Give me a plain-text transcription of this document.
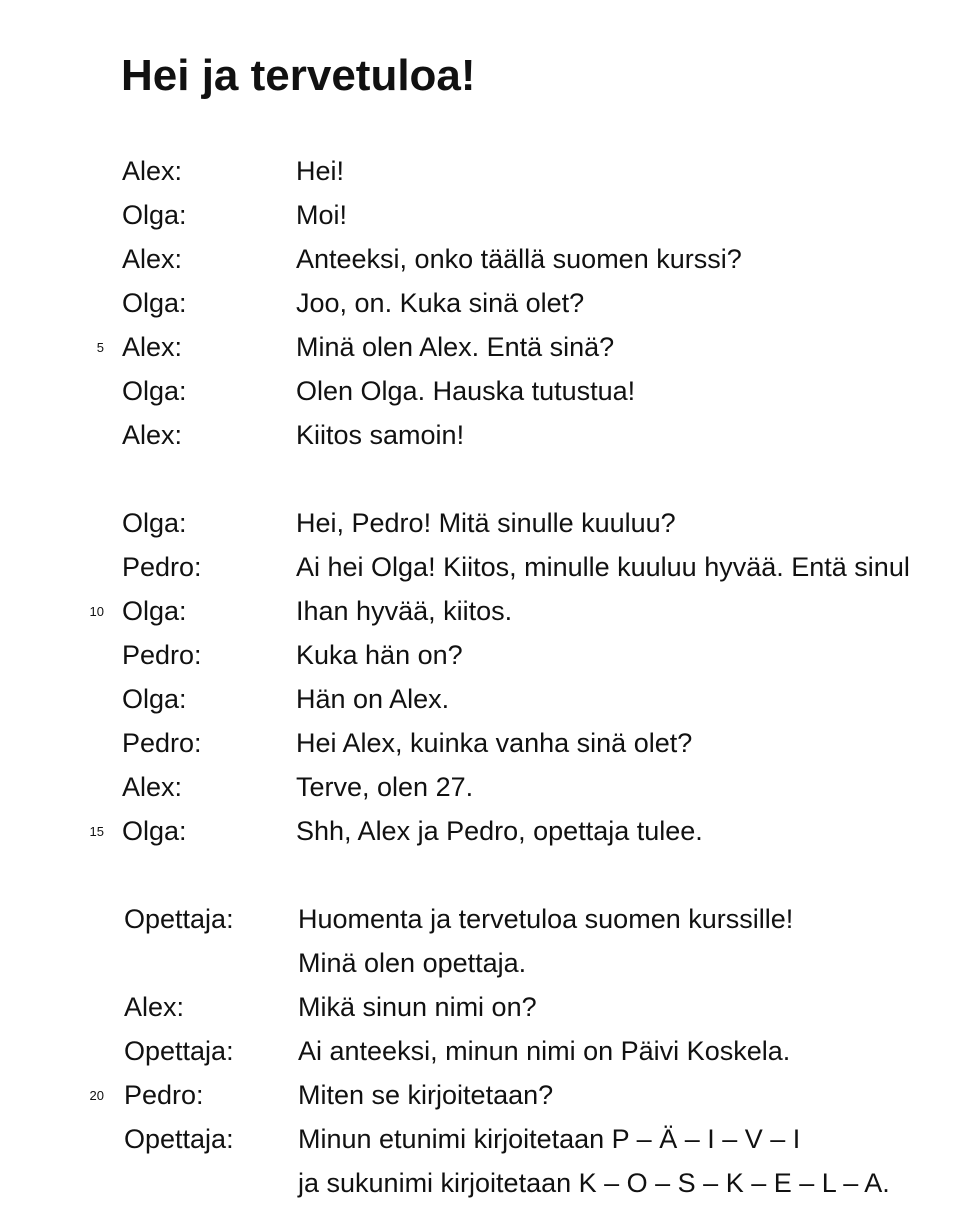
Hei ja tervetuloa!
Alex:	Hei!
Olga:	Moi!
Alex:	Anteeksi, onko täällä suomen kurssi?
Olga:	Joo, on. Kuka sinä olet?
5 Alex:	Minä olen Alex. Entä sinä?
Olga:	Olen Olga. Hauska tutustua!
Alex:	Kiitos samoin!
Olga:	Hei, Pedro! Mitä sinulle kuuluu?
Pedro:	Ai hei Olga! Kiitos, minulle kuuluu hyvää. Entä sinul
10 Olga:	Ihan hyvää, kiitos.
Pedro:	Kuka hän on?
Olga:	Hän on Alex.
Pedro:	Hei Alex, kuinka vanha sinä olet?
Alex:	Terve, olen 27.
15 Olga:	Shh, Alex ja Pedro, opettaja tulee.
Opettaja: Huomenta ja tervetuloa suomen kurssille!
Minä olen opettaja.
Alex:	Mikä sinun nimi on?
Opettaja: Ai anteeksi, minun nimi on Päivi Koskela.
20 Pedro:	Miten se kirjoitetaan?
Opettaja: Minun etunimi kirjoitetaan P – Ä – I – V – I
ja sukunimi kirjoitetaan K – O – S – K – E – L – A.
